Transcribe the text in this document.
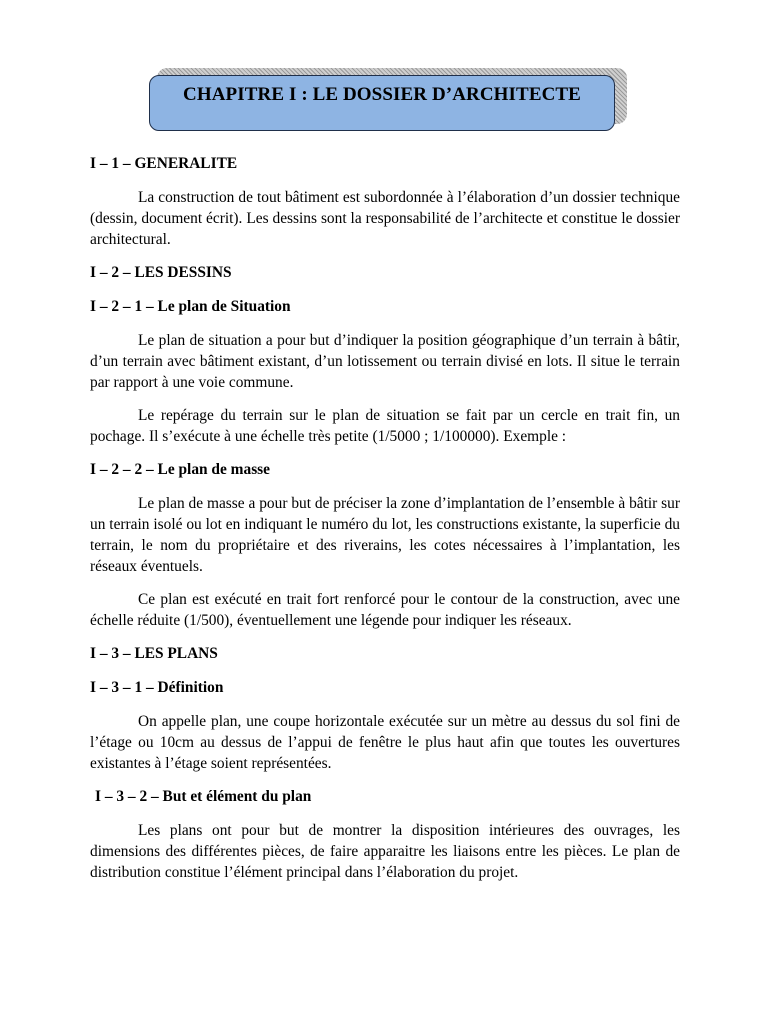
CHAPITRE I : LE DOSSIER D’ARCHITECTE

I – 1 – GENERALITE

La construction de tout bâtiment est subordonnée à l’élaboration d’un dossier technique (dessin, document écrit). Les dessins sont la responsabilité de l’architecte et constitue le dossier architectural.

I – 2 – LES DESSINS

I – 2 – 1 – Le plan de Situation

Le plan de situation a pour but d’indiquer la position géographique d’un terrain à bâtir, d’un terrain avec bâtiment existant, d’un lotissement ou terrain divisé en lots. Il situe le terrain par rapport à une voie commune.

Le repérage du terrain sur le plan de situation se fait par un cercle en trait fin, un pochage. Il s’exécute à une échelle très petite (1/5000 ; 1/100000). Exemple :

I – 2 – 2 – Le plan de masse

Le plan de masse a pour but de préciser la zone d’implantation de l’ensemble à bâtir sur un terrain isolé ou lot en indiquant le numéro du lot, les constructions existante, la superficie du terrain, le nom du propriétaire et des riverains, les cotes nécessaires à l’implantation, les réseaux éventuels.

Ce plan est exécuté en trait fort renforcé pour le contour de la construction, avec une échelle réduite (1/500), éventuellement une légende pour indiquer les réseaux.

I – 3 – LES PLANS

I – 3 – 1 – Définition

On appelle plan, une coupe horizontale exécutée sur un mètre au dessus du sol fini de l’étage ou 10cm au dessus de l’appui de fenêtre le plus haut afin que toutes les ouvertures existantes à l’étage soient représentées.

I – 3 – 2 – But et élément du plan

Les plans ont pour but de montrer la disposition intérieures des ouvrages, les dimensions des différentes pièces, de faire apparaitre les liaisons entre les pièces. Le plan de distribution constitue l’élément principal dans l’élaboration du projet.
